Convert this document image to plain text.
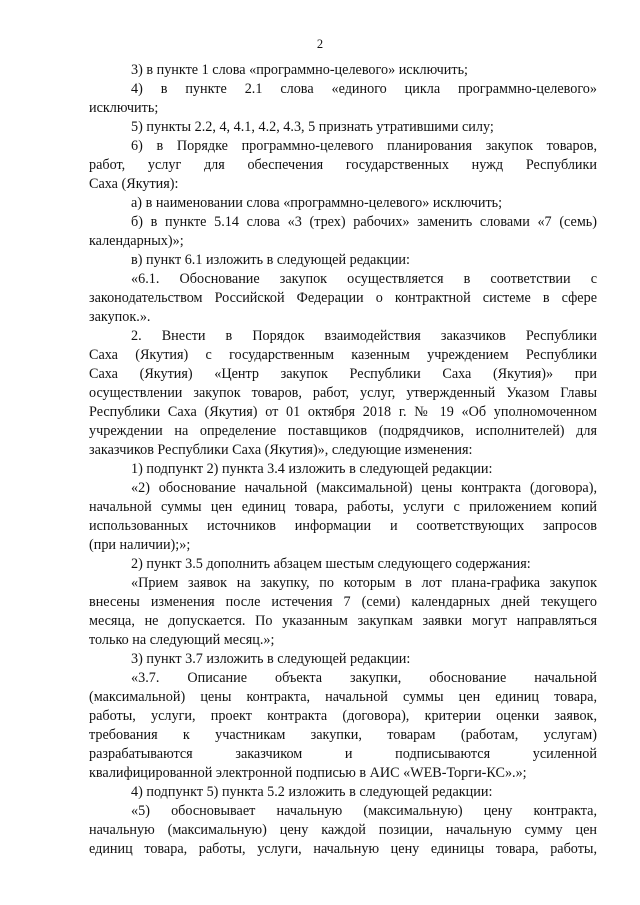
2
3) в пункте 1 слова «программно-целевого» исключить;
4) в пункте 2.1 слова «единого цикла программно-целевого»
исключить;
5) пункты 2.2, 4, 4.1, 4.2, 4.3, 5 признать утратившими силу;
6) в Порядке программно-целевого планирования закупок товаров,
работ, услуг для обеспечения государственных нужд Республики
Саха (Якутия):
а) в наименовании слова «программно-целевого» исключить;
б) в пункте 5.14 слова «3 (трех) рабочих» заменить словами «7 (семь)
календарных)»;
в) пункт 6.1 изложить в следующей редакции:
«6.1. Обоснование закупок осуществляется в соответствии с
законодательством Российской Федерации о контрактной системе в сфере
закупок.».
2. Внести в Порядок взаимодействия заказчиков Республики
Саха (Якутия) с государственным казенным учреждением Республики
Саха (Якутия) «Центр закупок Республики Саха (Якутия)» при
осуществлении закупок товаров, работ, услуг, утвержденный Указом Главы
Республики Саха (Якутия) от 01 октября 2018 г. № 19 «Об уполномоченном
учреждении на определение поставщиков (подрядчиков, исполнителей) для
заказчиков Республики Саха (Якутия)», следующие изменения:
1) подпункт 2) пункта 3.4 изложить в следующей редакции:
«2) обоснование начальной (максимальной) цены контракта (договора),
начальной суммы цен единиц товара, работы, услуги с приложением копий
использованных источников информации и соответствующих запросов
(при наличии);»;
2) пункт 3.5 дополнить абзацем шестым следующего содержания:
«Прием заявок на закупку, по которым в лот плана-графика закупок
внесены изменения после истечения 7 (семи) календарных дней текущего
месяца, не допускается. По указанным закупкам заявки могут направляться
только на следующий месяц.»;
3) пункт 3.7 изложить в следующей редакции:
«3.7. Описание объекта закупки, обоснование начальной
(максимальной) цены контракта, начальной суммы цен единиц товара,
работы, услуги, проект контракта (договора), критерии оценки заявок,
требования к участникам закупки, товарам (работам, услугам)
разрабатываются заказчиком и подписываются усиленной
квалифицированной электронной подписью в АИС «WEB-Торги-КС».»;
4) подпункт 5) пункта 5.2 изложить в следующей редакции:
«5) обосновывает начальную (максимальную) цену контракта,
начальную (максимальную) цену каждой позиции, начальную сумму цен
единиц товара, работы, услуги, начальную цену единицы товара, работы,
